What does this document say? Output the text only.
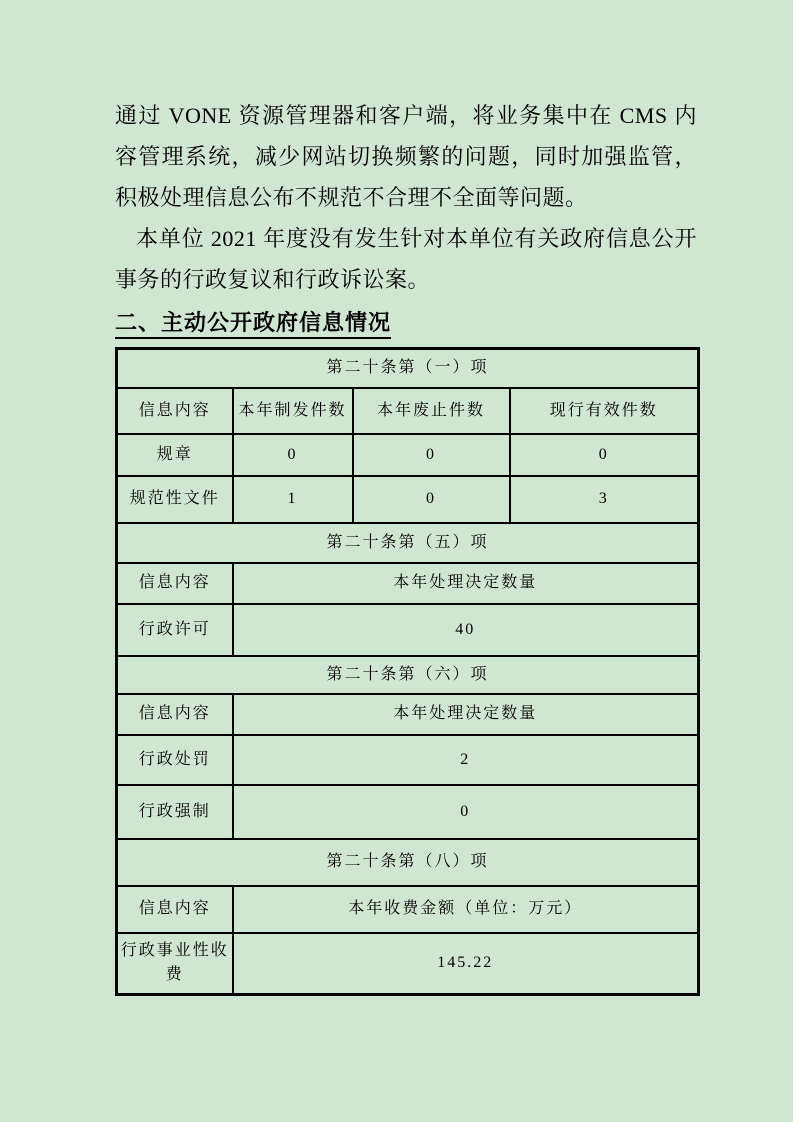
通过 VONE 资源管理器和客户端，将业务集中在 CMS 内容管理系统，减少网站切换频繁的问题，同时加强监管，积极处理信息公布不规范不合理不全面等问题。

本单位 2021 年度没有发生针对本单位有关政府信息公开事务的行政复议和行政诉讼案。

二、主动公开政府信息情况
第二十条第（一）项			
信息内容	本年制发件数	本年废止件数	现行有效件数
规章	0	0	0
规范性文件	1	0	3
第二十条第（五）项			
信息内容	本年处理决定数量		
行政许可	40		
第二十条第（六）项			
信息内容	本年处理决定数量		
行政处罚	2		
行政强制	0		
第二十条第（八）项			
信息内容	本年收费金额（单位：万元）		
行政事业性收费	145.22		
